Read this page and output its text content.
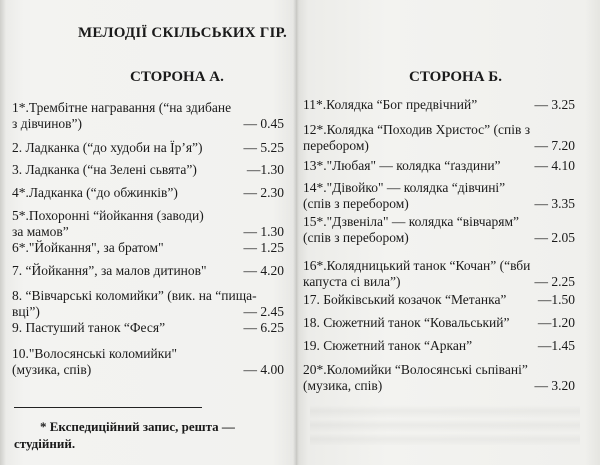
МЕЛОДІЇ СКІЛЬСЬКИХ ГІР.
СТОРОНА А.	СТОРОНА Б.
1*.Трембітне награвання (“на здибане
з дівчинов”)	— 0.45
2. Ладканка (“до худоби на Їр’я”)	— 5.25
3. Ладканка (“на Зелені сьвята”)	—1.30
4*.Ладканка (“до обжинків”)	— 2.30
5*.Похоронні “йойкання (заводи)
за мамов”	— 1.30
6*."Йойкання", за братом"	— 1.25
7. “Йойкання”, за малов дитинов"	— 4.20
8. “Вівчарські коломийки” (вик. на “пища-
вці”)	— 2.45
9. Пастуший танок “Феся”	— 6.25
10."Волосянські коломийки"
(музика, спів)	— 4.00
11*.Колядка “Бог предвічний”	— 3.25
12*.Колядка “Походив Христос” (спів з
перебором)	— 7.20
13*."Любая" — колядка “ґаздини”	— 4.10
14*."Дівойко" — колядка “дівчині”
(спів з перебором)	— 3.35
15*."Дзвеніла" — колядка “вівчарям”
(спів з перебором)	— 2.05
16*.Колядницький танок “Кочан” (“вби
капуста сі вила”)	— 2.25
17. Бойківський козачок “Метанка”	—1.50
18. Сюжетний танок “Ковальський”	—1.20
19. Сюжетний танок “Аркан”	—1.45
20*.Коломийки “Волосянські сьпівані”
(музика, спів)	— 3.20
* Експедиційний запис, решта — студійний.
